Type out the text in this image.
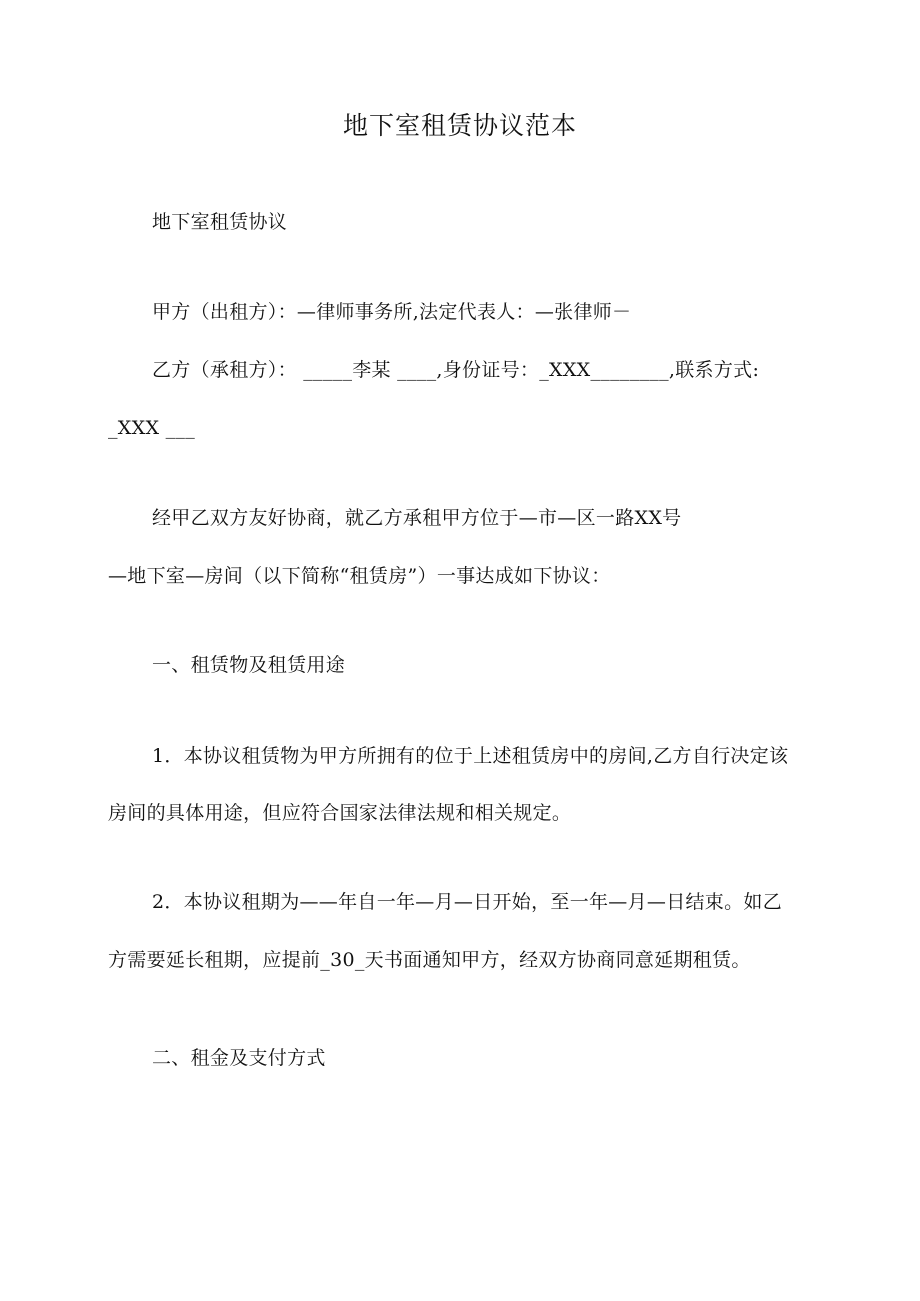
地下室租赁协议范本
地下室租赁协议
甲方（出租方）：—律师事务所,法定代表人：—张律师－
乙方（承租方）： _____李某 ____,身份证号：_XXX________,联系方式:
_XXX ___
经甲乙双方友好协商，就乙方承租甲方位于—市—区一路XX号
—地下室—房间（以下简称“租赁房”）一事达成如下协议：
一、租赁物及租赁用途
1．本协议租赁物为甲方所拥有的位于上述租赁房中的房间,乙方自行决定该
房间的具体用途，但应符合国家法律法规和相关规定。
2．本协议租期为——年自一年—月—日开始，至一年—月—日结束。如乙
方需要延长租期，应提前_30_天书面通知甲方，经双方协商同意延期租赁。
二、租金及支付方式
